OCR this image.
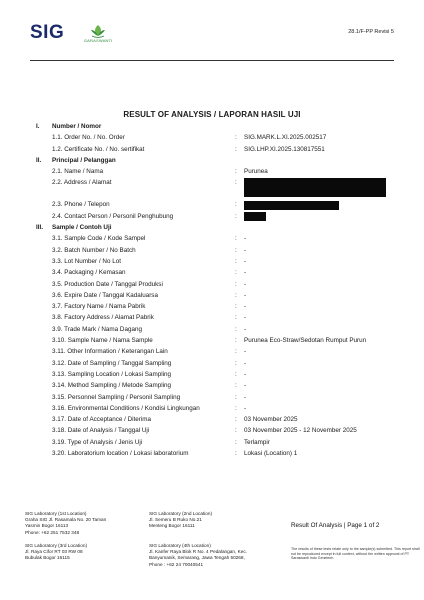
SIG	GARASWANTI
28.1/F-PP Revisi 5
RESULT OF ANALYSIS / LAPORAN HASIL UJI
I. Number / Nomor
1.1. Order No. / No. Order	: SIG.MARK.L.XI.2025.002517
1.2. Certificate No. / No. sertifikat	: SIG.LHP.XI.2025.130817551
II. Principal / Pelanggan
2.1. Name / Nama	: Purunea
2.2. Address / Alamat	:
2.3. Phone / Telepon	:
2.4. Contact Person / Personil Penghubung	:
III. Sample / Contoh Uji
3.1. Sample Code / Kode Sampel	: -
3.2. Batch Number / No Batch	: -
3.3. Lot Number / No Lot	: -
3.4. Packaging / Kemasan	: -
3.5. Production Date / Tanggal Produksi	: -
3.6. Expire Date / Tanggal Kadaluarsa	: -
3.7. Factory Name / Nama Pabrik	: -
3.8. Factory Address / Alamat Pabrik	: -
3.9. Trade Mark / Nama Dagang	: -
3.10. Sample Name / Nama Sample	: Purunea Eco-Straw/Sedotan Rumput Purun
3.11. Other Information / Keterangan Lain	: -
3.12. Date of Sampling / Tanggal Sampling	: -
3.13. Sampling Location / Lokasi Sampling	: -
3.14. Method Sampling / Metode Sampling	: -
3.15. Personnel Sampling / Personil Sampling	: -
3.16. Environmental Conditions / Kondisi Lingkungan	: -
3.17. Date of Acceptance / Diterima	: 03 November 2025
3.18. Date of Analysis / Tanggal Uji	: 03 November 2025 - 12 November 2025
3.19. Type of Analysis / Jenis Uji	: Terlampir
3.20. Laboratorium location / Lokasi laboratorium	: Lokasi (Location) 1
SIG Laboratory (1st Location)
Graha SIG Jl. Rasamala No. 20 Taman
Yasmin Bogor 16113
Phone: +62 251 7532 348
SIG Laboratory (2nd Location)
Jl. Semeru B Ruko No.21
Menteng Bogor 16111
SIG Laboratory (3rd Location)
Jl. Raya Cifor RT 03 RW 08
Bubulak Bogor 16115
SIG Laboratory (4th Location)
Jl. Kanfer Raya Blok R No. 4 Pedalangan, Kec.
Banyumanik, Semarang, Jawa Tengah 50268,
Phone : +62 24 70040541
Result Of Analysis | Page 1 of 2
The results of these tests relate only to the sample(s) submitted. This report shall not be reproduced except in full context, without the written approval of PT. Saraswanti Indo Genetech
